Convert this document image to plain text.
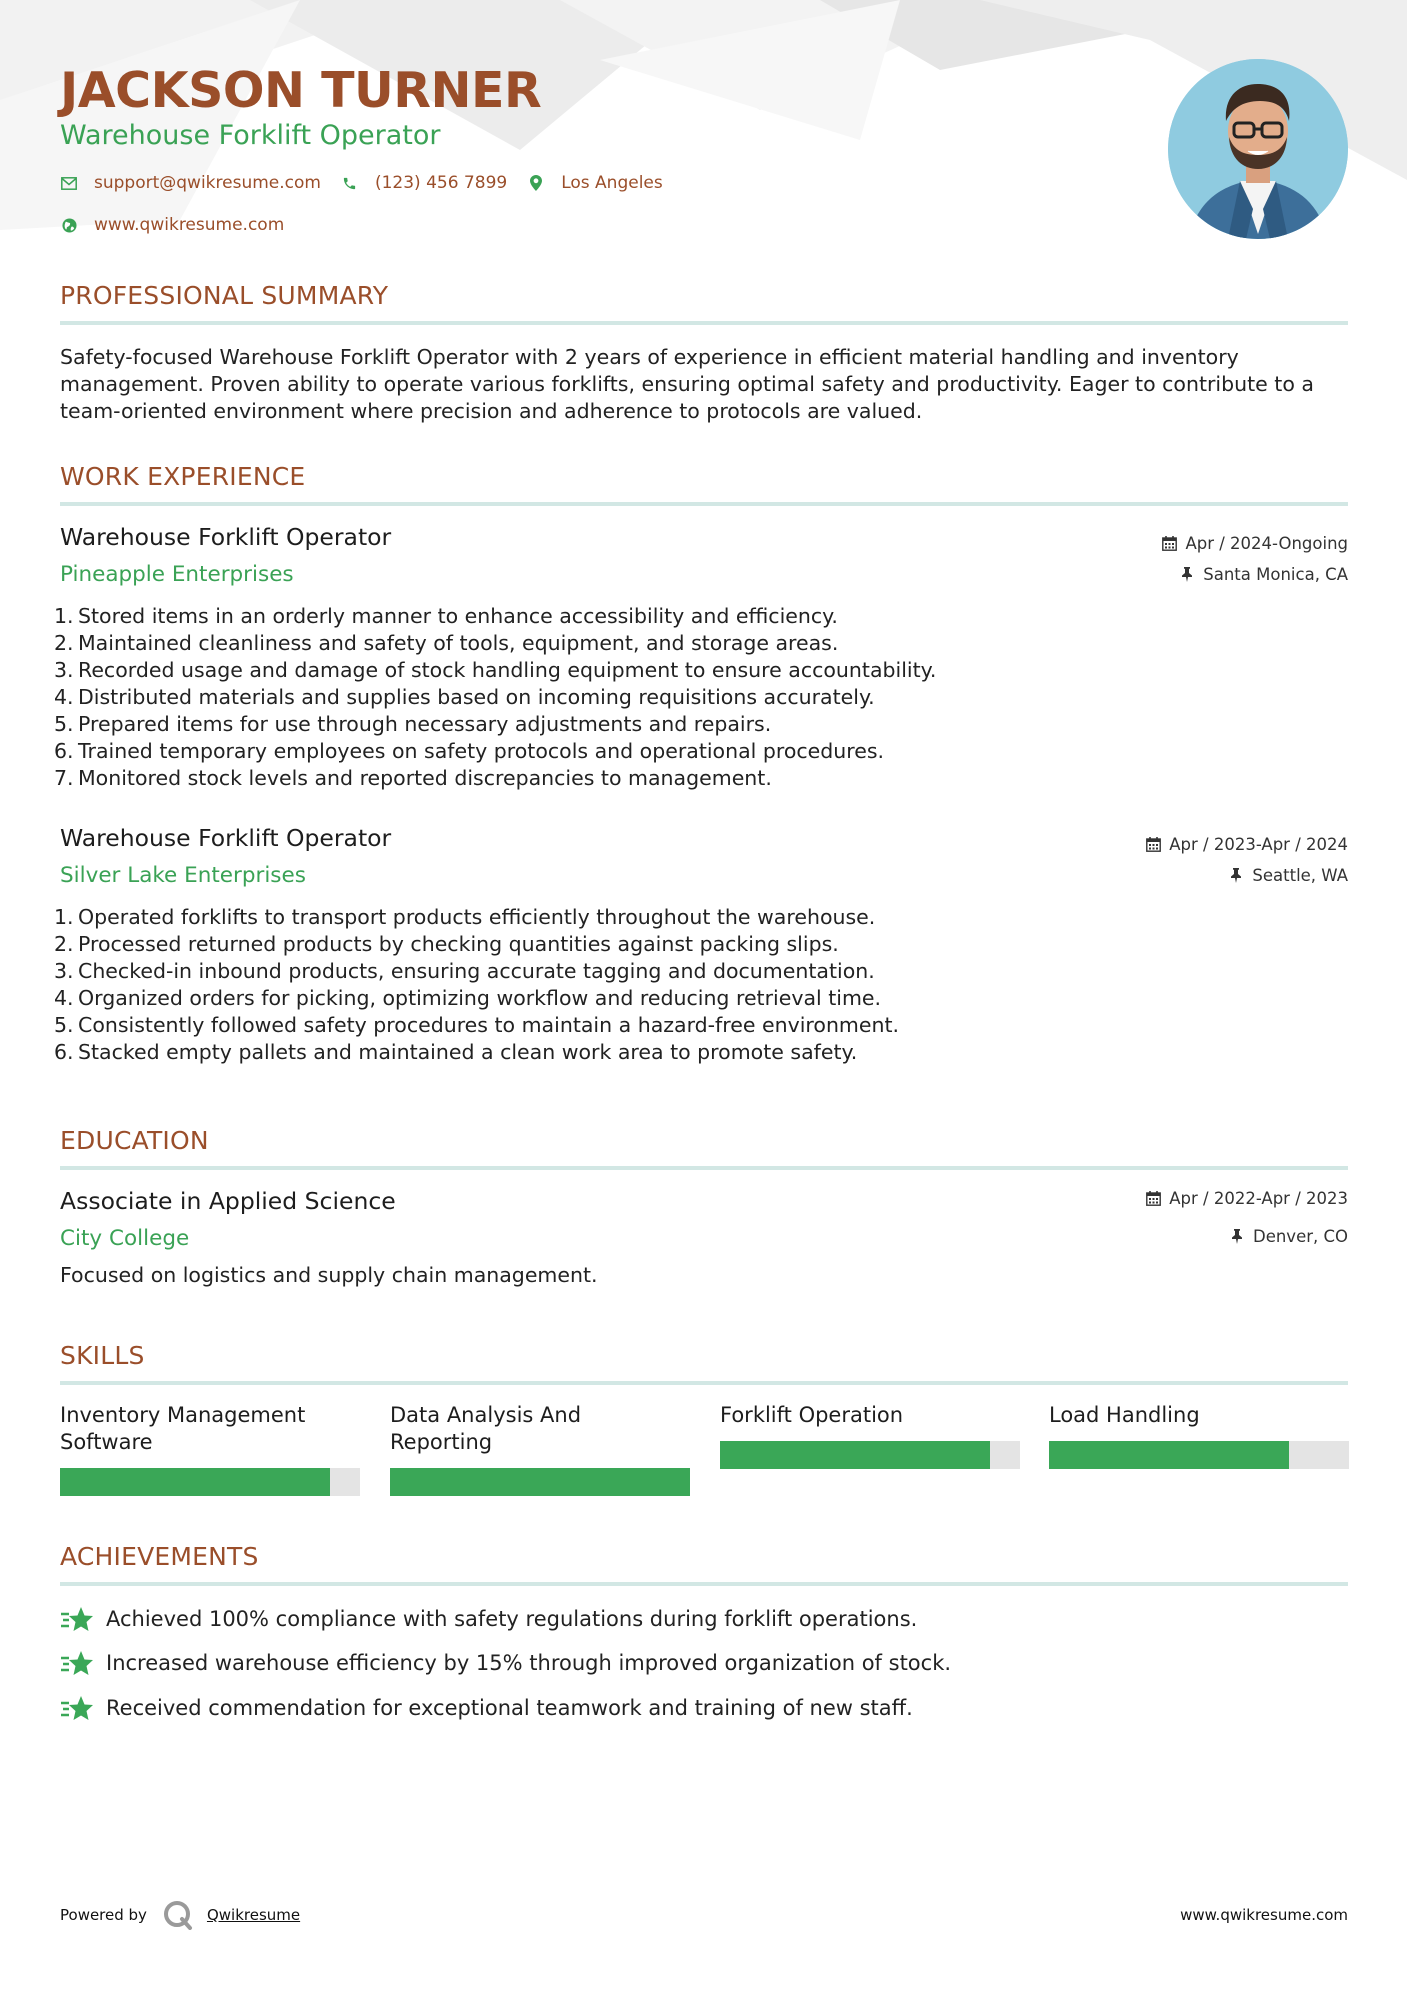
JACKSON TURNER
Warehouse Forklift Operator
support@qwikresume.com	(123) 456 7899	Los Angeles
www.qwikresume.com
PROFESSIONAL SUMMARY
Safety-focused Warehouse Forklift Operator with 2 years of experience in efficient material handling and inventory
management. Proven ability to operate various forklifts, ensuring optimal safety and productivity. Eager to contribute to a
team-oriented environment where precision and adherence to protocols are valued.
WORK EXPERIENCE
Warehouse Forklift Operator
Pineapple Enterprises
Apr / 2024-Ongoing
Santa Monica, CA
1. Stored items in an orderly manner to enhance accessibility and efficiency.
2. Maintained cleanliness and safety of tools, equipment, and storage areas.
3. Recorded usage and damage of stock handling equipment to ensure accountability.
4. Distributed materials and supplies based on incoming requisitions accurately.
5. Prepared items for use through necessary adjustments and repairs.
6. Trained temporary employees on safety protocols and operational procedures.
7. Monitored stock levels and reported discrepancies to management.
Warehouse Forklift Operator
Silver Lake Enterprises
Apr / 2023-Apr / 2024
Seattle, WA
1. Operated forklifts to transport products efficiently throughout the warehouse.
2. Processed returned products by checking quantities against packing slips.
3. Checked-in inbound products, ensuring accurate tagging and documentation.
4. Organized orders for picking, optimizing workflow and reducing retrieval time.
5. Consistently followed safety procedures to maintain a hazard-free environment.
6. Stacked empty pallets and maintained a clean work area to promote safety.
EDUCATION
Associate in Applied Science
City College
Apr / 2022-Apr / 2023
Denver, CO
Focused on logistics and supply chain management.
SKILLS
Inventory Management
Software
Data Analysis And
Reporting
Forklift Operation	Load Handling
ACHIEVEMENTS
Achieved 100% compliance with safety regulations during forklift operations.
Increased warehouse efficiency by 15% through improved organization of stock.
Received commendation for exceptional teamwork and training of new staff.
Powered by	Qwikresume	www.qwikresume.com
